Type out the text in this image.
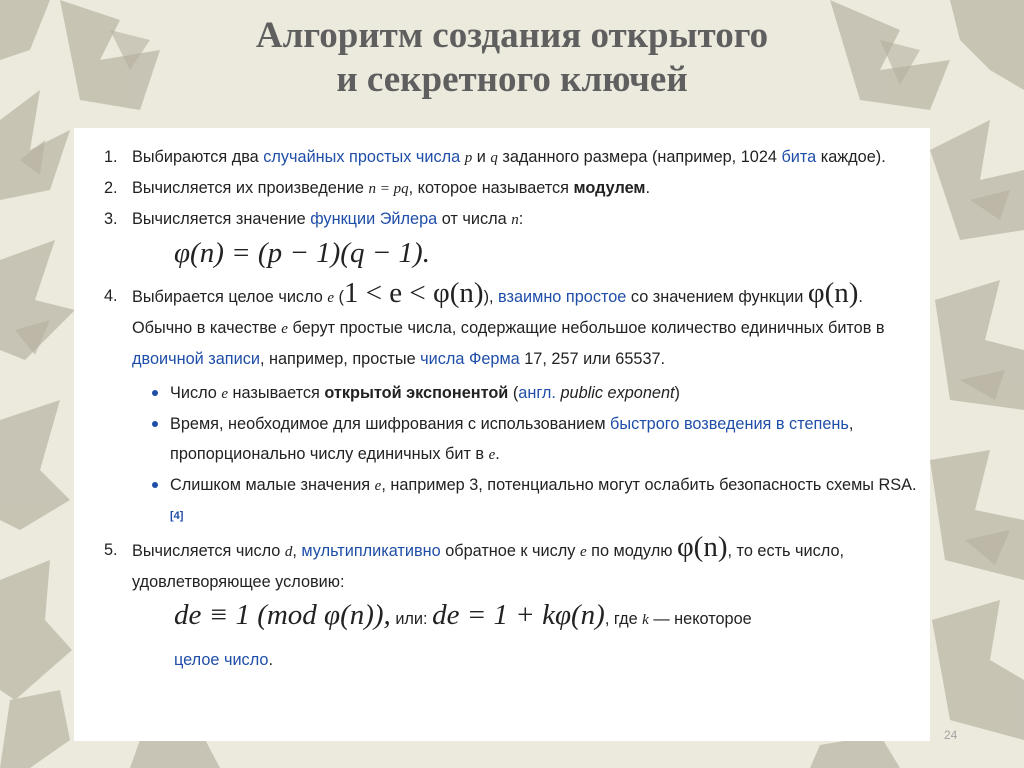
Алгоритм создания открытого
и секретного ключей
1. Выбираются два случайных простых числа p и q заданного размера (например, 1024 бита каждое).
2. Вычисляется их произведение n = pq, которое называется модулем.
3. Вычисляется значение функции Эйлера от числа n:
φ(n) = (p − 1)(q − 1).
4. Выбирается целое число e (1 < e < φ(n)), взаимно простое со значением функции φ(n). Обычно в качестве e берут простые числа, содержащие небольшое количество единичных битов в двоичной записи, например, простые числа Ферма 17, 257 или 65537.
Число e называется открытой экспонентой (англ. public exponent)
Время, необходимое для шифрования с использованием быстрого возведения в степень, пропорционально числу единичных бит в e.
Слишком малые значения e, например 3, потенциально могут ослабить безопасность схемы RSA.[4]
5. Вычисляется число d, мультипликативно обратное к числу e по модулю φ(n), то есть число, удовлетворяющее условию:
de ≡ 1 (mod φ(n)), или: de = 1 + kφ(n), где k — некоторое
целое число.
24
